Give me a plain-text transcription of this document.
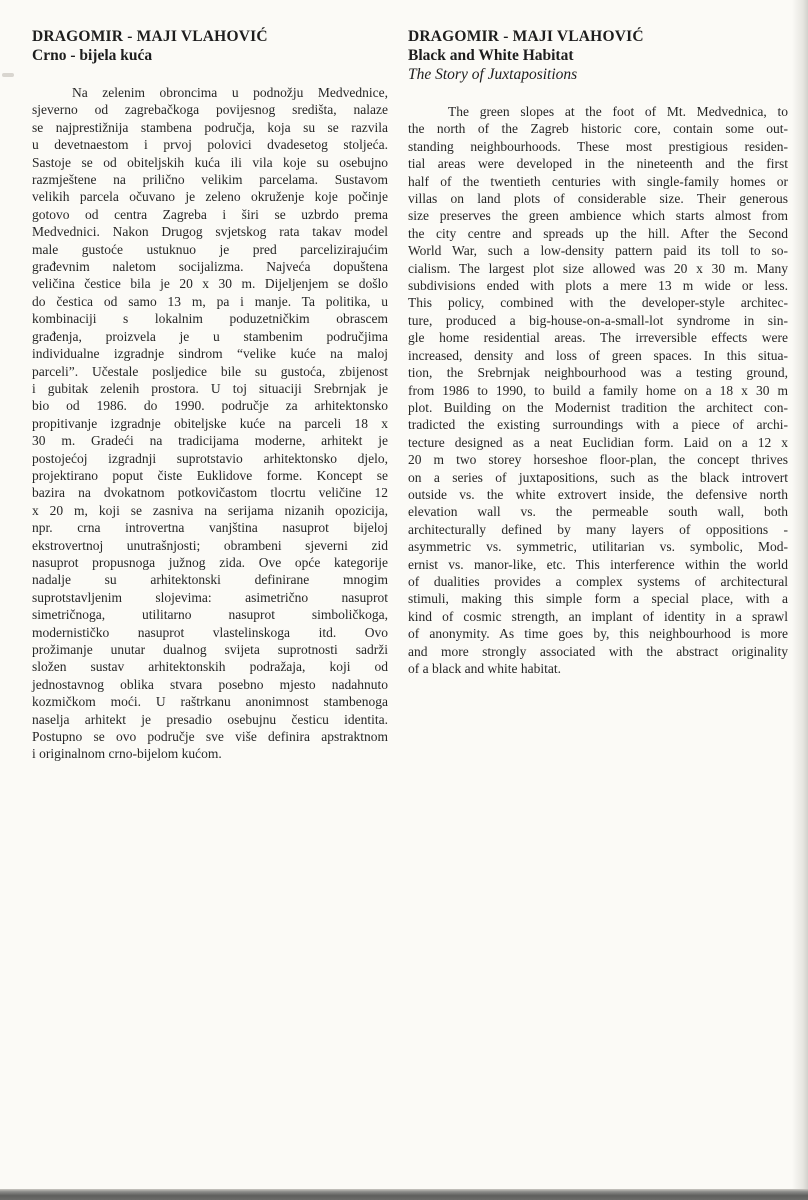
DRAGOMIR - MAJI VLAHOVIĆ
Crno - bijela kuća
Na zelenim obroncima u podnožju Medvednice,
sjeverno od zagrebačkoga povijesnog središta, nalaze
se najprestižnija stambena područja, koja su se razvila
u devetnaestom i prvoj polovici dvadesetog stoljeća.
Sastoje se od obiteljskih kuća ili vila koje su osebujno
razmještene na prilično velikim parcelama. Sustavom
velikih parcela očuvano je zeleno okruženje koje počinje
gotovo od centra Zagreba i širi se uzbrdo prema
Medvednici. Nakon Drugog svjetskog rata takav model
male gustoće ustuknuo je pred parcelizirajućim
građevnim naletom socijalizma. Najveća dopuštena
veličina čestice bila je 20 x 30 m. Dijeljenjem se došlo
do čestica od samo 13 m, pa i manje. Ta politika, u
kombinaciji s lokalnim poduzetničkim obrascem
građenja, proizvela je u stambenim područjima
individualne izgradnje sindrom “velike kuće na maloj
parceli”. Učestale posljedice bile su gustoća, zbijenost
i gubitak zelenih prostora. U toj situaciji Srebrnjak je
bio od 1986. do 1990. područje za arhitektonsko
propitivanje izgradnje obiteljske kuće na parceli 18 x
30 m. Gradeći na tradicijama moderne, arhitekt je
postojećoj izgradnji suprotstavio arhitektonsko djelo,
projektirano poput čiste Euklidove forme. Koncept se
bazira na dvokatnom potkovičastom tlocrtu veličine 12
x 20 m, koji se zasniva na serijama nizanih opozicija,
npr. crna introvertna vanjština nasuprot bijeloj
ekstrovertnoj unutrašnjosti; obrambeni sjeverni zid
nasuprot propusnoga južnog zida. Ove opće kategorije
nadalje su arhitektonski definirane mnogim
suprotstavljenim slojevima: asimetrično nasuprot
simetričnoga, utilitarno nasuprot simboličkoga,
modernističko nasuprot vlastelinskoga itd. Ovo
prožimanje unutar dualnog svijeta suprotnosti sadrži
složen sustav arhitektonskih podražaja, koji od
jednostavnog oblika stvara posebno mjesto nadahnuto
kozmičkom moći. U raštrkanu anonimnost stambenoga
naselja arhitekt je presadio osebujnu česticu identita.
Postupno se ovo područje sve više definira apstraktnom
i originalnom crno-bijelom kućom.
DRAGOMIR - MAJI VLAHOVIĆ
Black and White Habitat
The Story of Juxtapositions
The green slopes at the foot of Mt. Medvednica, to
the north of the Zagreb historic core, contain some out-
standing neighbourhoods. These most prestigious residen-
tial areas were developed in the nineteenth and the first
half of the twentieth centuries with single-family homes or
villas on land plots of considerable size. Their generous
size preserves the green ambience which starts almost from
the city centre and spreads up the hill. After the Second
World War, such a low-density pattern paid its toll to so-
cialism. The largest plot size allowed was 20 x 30 m. Many
subdivisions ended with plots a mere 13 m wide or less.
This policy, combined with the developer-style architec-
ture, produced a big-house-on-a-small-lot syndrome in sin-
gle home residential areas. The irreversible effects were
increased, density and loss of green spaces. In this situa-
tion, the Srebrnjak neighbourhood was a testing ground,
from 1986 to 1990, to build a family home on a 18 x 30 m
plot. Building on the Modernist tradition the architect con-
tradicted the existing surroundings with a piece of archi-
tecture designed as a neat Euclidian form. Laid on a 12 x
20 m two storey horseshoe floor-plan, the concept thrives
on a series of juxtapositions, such as the black introvert
outside vs. the white extrovert inside, the defensive north
elevation wall vs. the permeable south wall, both
architecturally defined by many layers of oppositions -
asymmetric vs. symmetric, utilitarian vs. symbolic, Mod-
ernist vs. manor-like, etc. This interference within the world
of dualities provides a complex systems of architectural
stimuli, making this simple form a special place, with a
kind of cosmic strength, an implant of identity in a sprawl
of anonymity. As time goes by, this neighbourhood is more
and more strongly associated with the abstract originality
of a black and white habitat.
